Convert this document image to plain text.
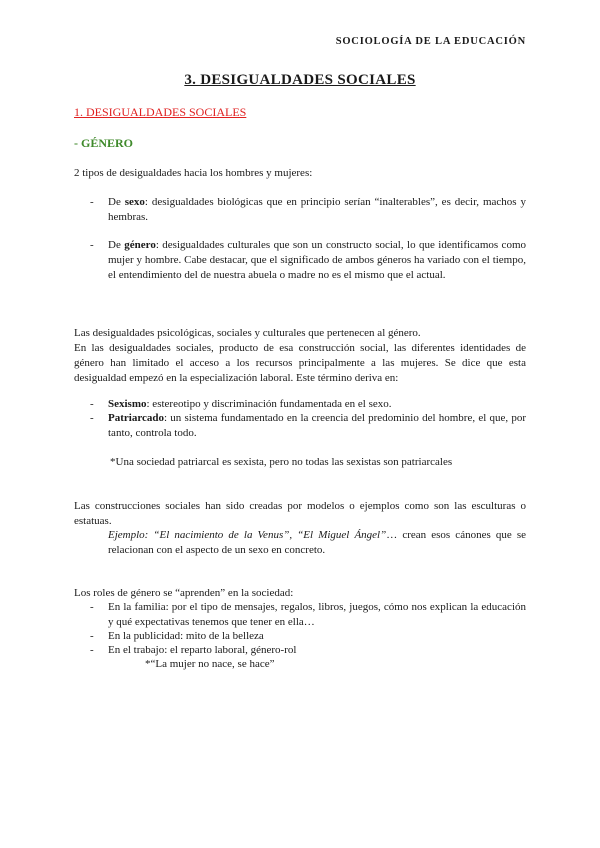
SOCIOLOGÍA DE LA EDUCACIÓN
3. DESIGUALDADES SOCIALES
1. DESIGUALDADES SOCIALES
- GÉNERO
2 tipos de desigualdades hacia los hombres y mujeres:
- De sexo: desigualdades biológicas que en principio serían “inalterables”, es decir, machos y hembras.
- De género: desigualdades culturales que son un constructo social, lo que identificamos como mujer y hombre. Cabe destacar, que el significado de ambos géneros ha variado con el tiempo, el entendimiento del de nuestra abuela o madre no es el mismo que el actual.
Las desigualdades psicológicas, sociales y culturales que pertenecen al género.
En las desigualdades sociales, producto de esa construcción social, las diferentes identidades de género han limitado el acceso a los recursos principalmente a las mujeres. Se dice que esta desigualdad empezó en la especialización laboral. Este término deriva en:
- Sexismo: estereotipo y discriminación fundamentada en el sexo.
- Patriarcado: un sistema fundamentado en la creencia del predominio del hombre, el que, por tanto, controla todo.
*Una sociedad patriarcal es sexista, pero no todas las sexistas son patriarcales
Las construcciones sociales han sido creadas por modelos o ejemplos como son las esculturas o estatuas.
Ejemplo: “El nacimiento de la Venus”, “El Miguel Ángel”… crean esos cánones que se relacionan con el aspecto de un sexo en concreto.
Los roles de género se “aprenden” en la sociedad:
- En la familia: por el tipo de mensajes, regalos, libros, juegos, cómo nos explican la educación y qué expectativas tenemos que tener en ella…
- En la publicidad: mito de la belleza
- En el trabajo: el reparto laboral, género-rol
*“La mujer no nace, se hace”
